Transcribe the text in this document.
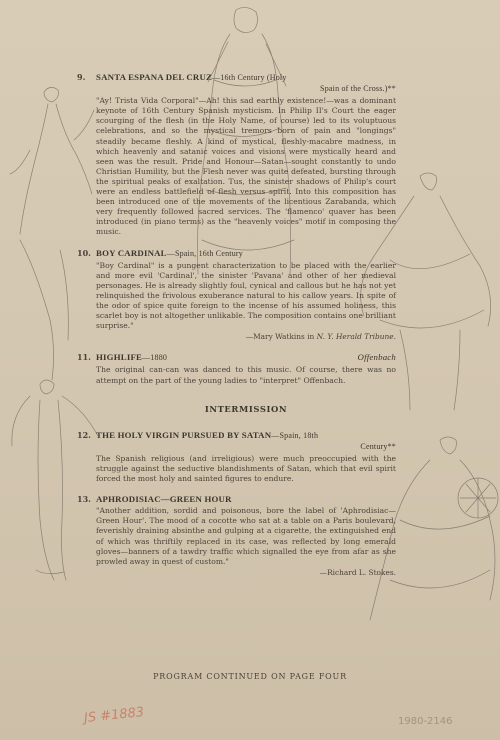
9. SANTA ESPANA DEL CRUZ—16th Century (Holy
Spain of the Cross.)**
"Ay! Trista Vida Corporal"—Ah! this sad earthly existence!—was a dominant keynote of 16th Century Spanish mysticism. In Philip II's Court the eager scourging of the flesh (in the Holy Name, of course) led to its voluptuous celebrations, and so the mystical tremors born of pain and "longings" steadily became fleshly. A kind of mystical, fleshly-macabre madness, in which heavenly and satanic voices and visions were mystically heard and seen was the result. Pride and Honour—Satan—sought constantly to undo Christian Humility, but the Flesh never was quite defeated, bursting through the spiritual peaks of exaltation. Tus, the sinister shadows of Philip's court were an endless battlefield of flesh versus spirit. Into this composition has been introduced one of the movements of the licentious Zarabanda, which very frequently followed sacred services. The 'flamenco' quaver has been introduced (in piano terms) as the "heavenly voices" motif in composing the music.
10. BOY CARDINAL—Spain, 16th Century
"Boy Cardinal" is a pungent characterization to be placed with the earlier and more evil 'Cardinal', the sinister 'Pavana' and other of her medieval personages. He is already slightly foul, cynical and callous but he has not yet relinquished the frivolous exuberance natural to his callow years. In spite of the odor of spice quite foreign to the incense of his assumed holiness, this scarlet boy is not altogether unlikable. The composition contains one brilliant surprise."
—Mary Watkins in N. Y. Herald Tribune.
11. HIGHLIFE—1880	Offenbach
The original can-can was danced to this music. Of course, there was no attempt on the part of the young ladies to "interpret" Offenbach.
INTERMISSION
12. THE HOLY VIRGIN PURSUED BY SATAN—Spain, 18th
Century**
The Spanish religious (and irreligious) were much preoccupied with the struggle against the seductive blandishments of Satan, which that evil spirit forced the most holy and sainted figures to endure.
13. APHRODISIAC—GREEN HOUR
"Another addition, sordid and poisonous, bore the label of 'Aphrodisiac—Green Hour'. The mood of a cocotte who sat at a table on a Paris boulevard, feverishly draining absinthe and gulping at a cigarette, the extinguished end of which was thriftily replaced in its case, was reflected by long emerald gloves—banners of a tawdry traffic which signalled the eye from afar as she prowled away in quest of custom."
—Richard L. Stokes.
PROGRAM CONTINUED ON PAGE FOUR
JS #1883	1980-2146
